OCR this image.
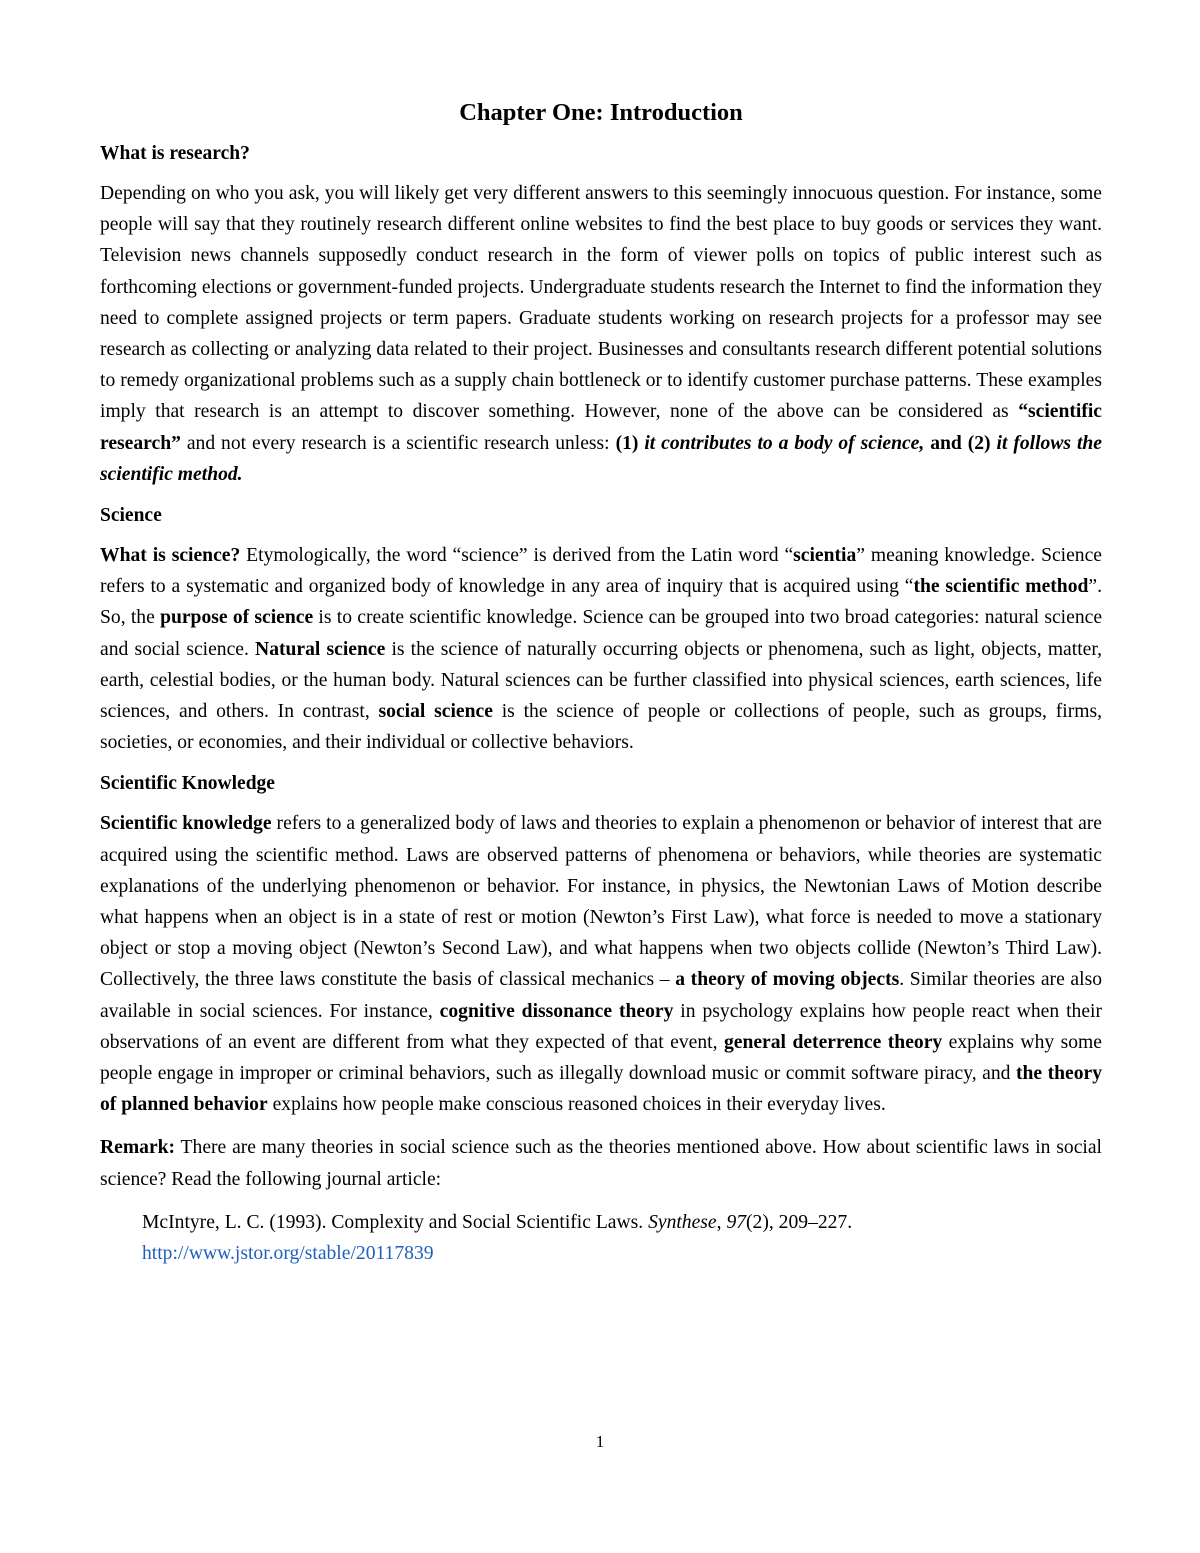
Chapter One: Introduction
What is research?

Depending on who you ask, you will likely get very different answers to this seemingly innocuous question. For instance, some people will say that they routinely research different online websites to find the best place to buy goods or services they want. Television news channels supposedly conduct research in the form of viewer polls on topics of public interest such as forthcoming elections or government-funded projects. Undergraduate students research the Internet to find the information they need to complete assigned projects or term papers. Graduate students working on research projects for a professor may see research as collecting or analyzing data related to their project. Businesses and consultants research different potential solutions to remedy organizational problems such as a supply chain bottleneck or to identify customer purchase patterns. These examples imply that research is an attempt to discover something. However, none of the above can be considered as “scientific research” and not every research is a scientific research unless: (1) it contributes to a body of science, and (2) it follows the scientific method.

Science

What is science? Etymologically, the word “science” is derived from the Latin word “scientia” meaning knowledge. Science refers to a systematic and organized body of knowledge in any area of inquiry that is acquired using “the scientific method”. So, the purpose of science is to create scientific knowledge. Science can be grouped into two broad categories: natural science and social science. Natural science is the science of naturally occurring objects or phenomena, such as light, objects, matter, earth, celestial bodies, or the human body. Natural sciences can be further classified into physical sciences, earth sciences, life sciences, and others. In contrast, social science is the science of people or collections of people, such as groups, firms, societies, or economies, and their individual or collective behaviors.

Scientific Knowledge

Scientific knowledge refers to a generalized body of laws and theories to explain a phenomenon or behavior of interest that are acquired using the scientific method. Laws are observed patterns of phenomena or behaviors, while theories are systematic explanations of the underlying phenomenon or behavior. For instance, in physics, the Newtonian Laws of Motion describe what happens when an object is in a state of rest or motion (Newton’s First Law), what force is needed to move a stationary object or stop a moving object (Newton’s Second Law), and what happens when two objects collide (Newton’s Third Law). Collectively, the three laws constitute the basis of classical mechanics – a theory of moving objects. Similar theories are also available in social sciences. For instance, cognitive dissonance theory in psychology explains how people react when their observations of an event are different from what they expected of that event, general deterrence theory explains why some people engage in improper or criminal behaviors, such as illegally download music or commit software piracy, and the theory of planned behavior explains how people make conscious reasoned choices in their everyday lives.

Remark: There are many theories in social science such as the theories mentioned above. How about scientific laws in social science? Read the following journal article:

McIntyre, L. C. (1993). Complexity and Social Scientific Laws. Synthese, 97(2), 209–227.
http://www.jstor.org/stable/20117839
1
